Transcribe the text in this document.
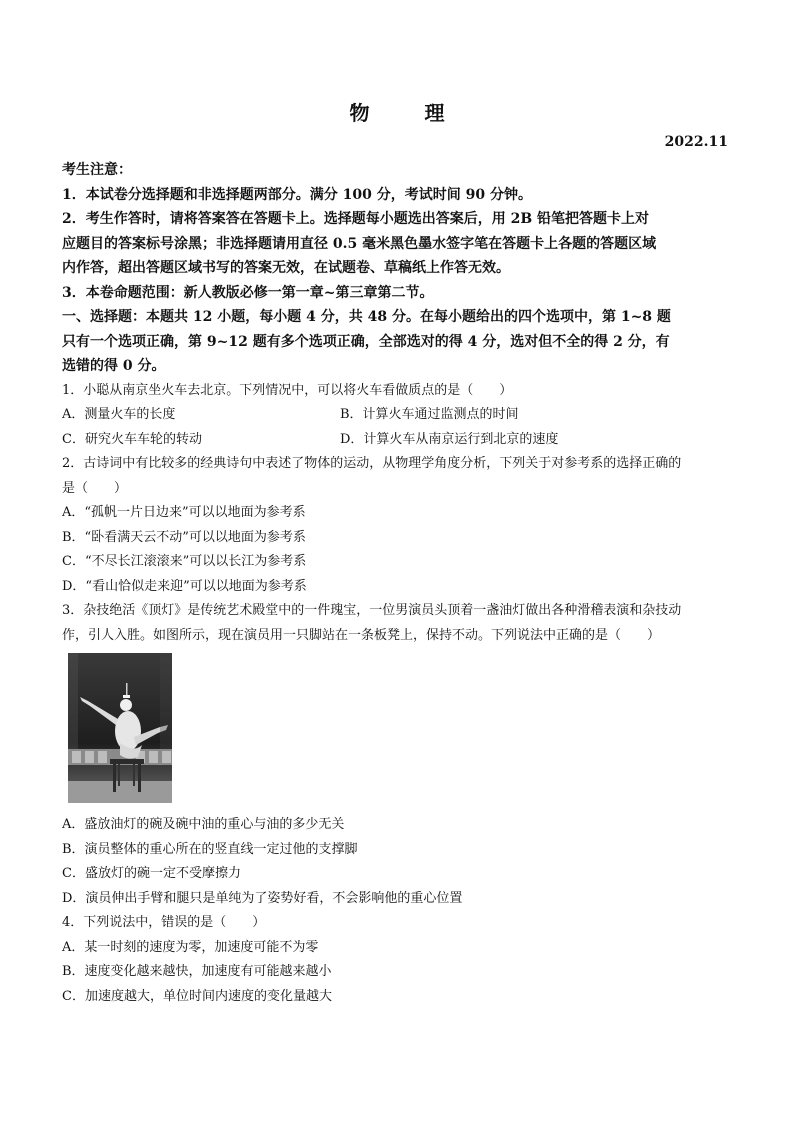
物 理
2022.11
考生注意：
1．本试卷分选择题和非选择题两部分。满分 100 分，考试时间 90 分钟。
2．考生作答时，请将答案答在答题卡上。选择题每小题选出答案后，用 2B 铅笔把答题卡上对
应题目的答案标号涂黑；非选择题请用直径 0.5 毫米黑色墨水签字笔在答题卡上各题的答题区域
内作答，超出答题区域书写的答案无效，在试题卷、草稿纸上作答无效。
3．本卷命题范围：新人教版必修一第一章~第三章第二节。
一、选择题：本题共 12 小题，每小题 4 分，共 48 分。在每小题给出的四个选项中，第 1~8 题
只有一个选项正确，第 9~12 题有多个选项正确，全部选对的得 4 分，选对但不全的得 2 分，有
选错的得 0 分。
1．小聪从南京坐火车去北京。下列情况中，可以将火车看做质点的是（　　）
A．测量火车的长度	B．计算火车通过监测点的时间
C．研究火车车轮的转动	D．计算火车从南京运行到北京的速度
2．古诗词中有比较多的经典诗句中表述了物体的运动，从物理学角度分析，下列关于对参考系的选择正确的
是（　　）
A．“孤帆一片日边来”可以以地面为参考系
B．“卧看满天云不动”可以以地面为参考系
C．“不尽长江滚滚来”可以以长江为参考系
D．“看山恰似走来迎”可以以地面为参考系
3．杂技绝活《顶灯》是传统艺术殿堂中的一件瑰宝，一位男演员头顶着一盏油灯做出各种滑稽表演和杂技动
作，引人入胜。如图所示，现在演员用一只脚站在一条板凳上，保持不动。下列说法中正确的是（　　）
A．盛放油灯的碗及碗中油的重心与油的多少无关
B．演员整体的重心所在的竖直线一定过他的支撑脚
C．盛放灯的碗一定不受摩擦力
D．演员伸出手臂和腿只是单纯为了姿势好看，不会影响他的重心位置
4．下列说法中，错误的是（　　）
A．某一时刻的速度为零，加速度可能不为零
B．速度变化越来越快，加速度有可能越来越小
C．加速度越大，单位时间内速度的变化量越大
